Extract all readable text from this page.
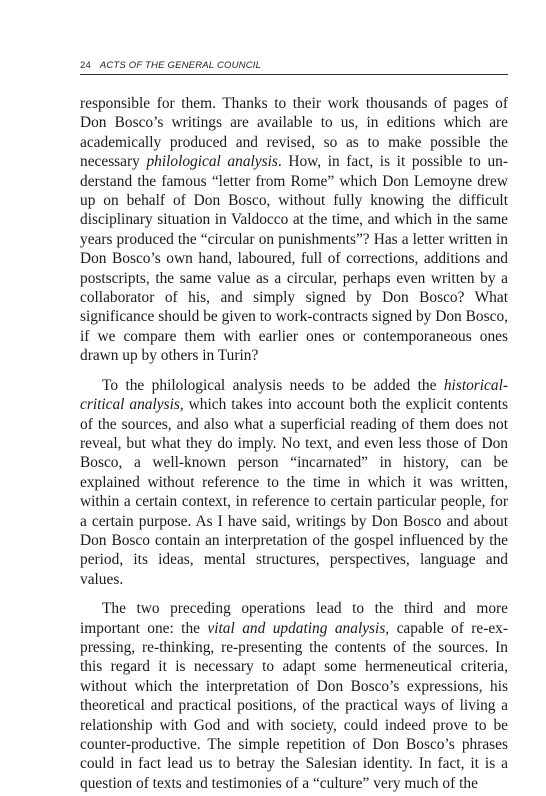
24 ACTS OF THE GENERAL COUNCIL

responsible for them. Thanks to their work thousands of pages of Don Bosco’s writings are available to us, in editions which are academically produced and revised, so as to make possible the necessary philological analysis. How, in fact, is it possible to understand the famous “letter from Rome” which Don Lemoyne drew up on behalf of Don Bosco, without fully knowing the difficult disciplinary situation in Valdocco at the time, and which in the same years produced the “circular on punishments”? Has a letter written in Don Bosco’s own hand, laboured, full of corrections, additions and postscripts, the same value as a circular, perhaps even written by a collaborator of his, and simply signed by Don Bosco? What significance should be given to work-contracts signed by Don Bosco, if we compare them with earlier ones or contemporaneous ones drawn up by others in Turin?

To the philological analysis needs to be added the historical-critical analysis, which takes into account both the explicit contents of the sources, and also what a superficial reading of them does not reveal, but what they do imply. No text, and even less those of Don Bosco, a well-known person “incarnated” in history, can be explained without reference to the time in which it was written, within a certain context, in reference to certain particular people, for a certain purpose. As I have said, writings by Don Bosco and about Don Bosco contain an interpretation of the gospel influenced by the period, its ideas, mental structures, perspectives, language and values.

The two preceding operations lead to the third and more important one: the vital and updating analysis, capable of re-expressing, re-thinking, re-presenting the contents of the sources. In this regard it is necessary to adapt some hermeneutical criteria, without which the interpretation of Don Bosco’s expressions, his theoretical and practical positions, of the practical ways of living a relationship with God and with society, could indeed prove to be counter-productive. The simple repetition of Don Bosco’s phrases could in fact lead us to betray the Salesian identity. In fact, it is a question of texts and testimonies of a “culture” very much of the
